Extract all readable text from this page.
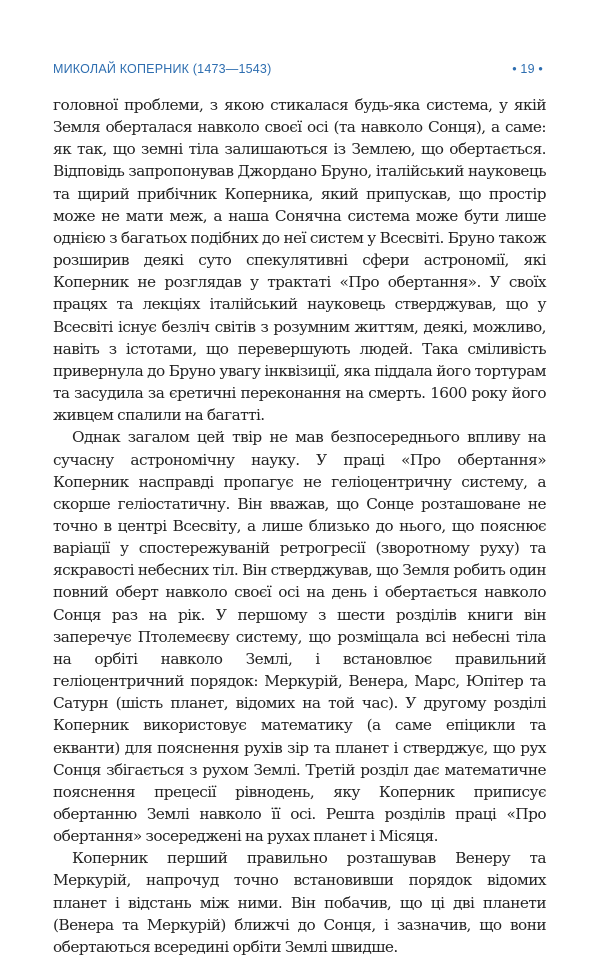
МИКОЛАЙ КОПЕРНИК (1473—1543)	• 19 •

головної проблеми, з якою стикалася будь-яка система, у якій Земля оберталася навколо своєї осі (та навколо Сонця), а саме: як так, що земні тіла залишаються із Землею, що обертається. Відповідь запропонував Джордано Бруно, італійський науковець та щирий прибічник Коперника, який припускав, що простір може не мати меж, а наша Сонячна система може бути лише однією з багатьох подібних до неї систем у Всесвіті. Бруно також розширив деякі суто спекулятивні сфери астрономії, які Коперник не розглядав у трактаті «Про обертання». У своїх працях та лекціях італійський науковець стверджував, що у Всесвіті існує безліч світів з розумним життям, деякі, можливо, навіть з істотами, що перевершують людей. Така сміливість привернула до Бруно увагу інквізиції, яка піддала його тортурам та засудила за єретичні переконання на смерть. 1600 року його живцем спалили на багатті.

Однак загалом цей твір не мав безпосереднього впливу на сучасну астрономічну науку. У праці «Про обертання» Коперник насправді пропагує не геліоцентричну систему, а скорше геліостатичну. Він вважав, що Сонце розташоване не точно в центрі Всесвіту, а лише близько до нього, що пояснює варіації у спостережуваній ретрогресії (зворотному руху) та яскравості небесних тіл. Він стверджував, що Земля робить один повний оберт навколо своєї осі на день і обертається навколо Сонця раз на рік. У першому з шести розділів книги він заперечує Птолемеєву систему, що розміщала всі небесні тіла на орбіті навколо Землі, і встановлює правильний геліоцентричний порядок: Меркурій, Венера, Марс, Юпітер та Сатурн (шість планет, відомих на той час). У другому розділі Коперник використовує математику (а саме епіцикли та екванти) для пояснення рухів зір та планет і стверджує, що рух Сонця збігається з рухом Землі. Третій розділ дає математичне пояснення прецесії рівнодень, яку Коперник приписує обертанню Землі навколо її осі. Решта розділів праці «Про обертання» зосереджені на рухах планет і Місяця.

Коперник перший правильно розташував Венеру та Меркурій, напрочуд точно встановивши порядок відомих планет і відстань між ними. Він побачив, що ці дві планети (Венера та Меркурій) ближчі до Сонця, і зазначив, що вони обертаються всередині орбіти Землі швидше.
